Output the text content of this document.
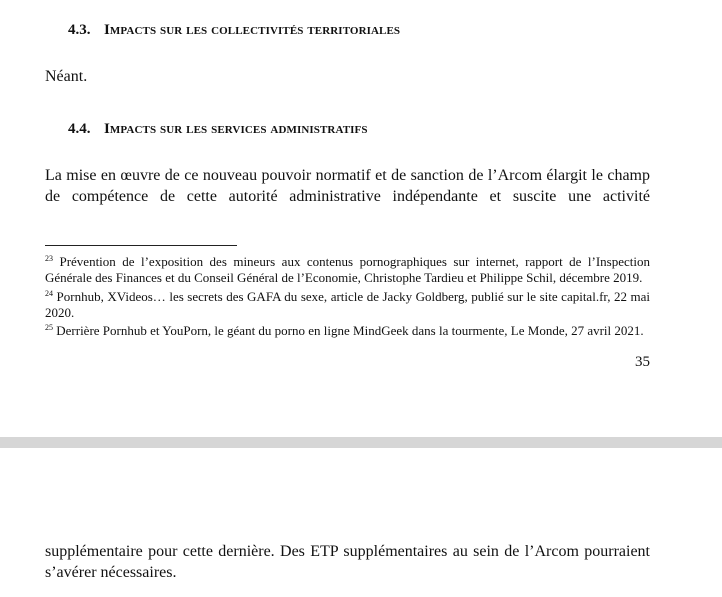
4.3. Impacts sur les collectivités territoriales

Néant.

4.4. Impacts sur les services administratifs

La mise en œuvre de ce nouveau pouvoir normatif et de sanction de l’Arcom élargit le champ de compétence de cette autorité administrative indépendante et suscite une activité

$^{23}$ Prévention de l’exposition des mineurs aux contenus pornographiques sur internet, rapport de l’Inspection Générale des Finances et du Conseil Général de l’Economie, Christophe Tardieu et Philippe Schil, décembre 2019.

$^{24}$ Pornhub, XVideos… les secrets des GAFA du sexe, article de Jacky Goldberg, publié sur le site capital.fr, 22 mai 2020.

$^{25}$ Derrière Pornhub et YouPorn, le géant du porno en ligne MindGeek dans la tourmente, Le Monde, 27 avril 2021.

35

supplémentaire pour cette dernière. Des ETP supplémentaires au sein de l’Arcom pourraient s’avérer nécessaires.
